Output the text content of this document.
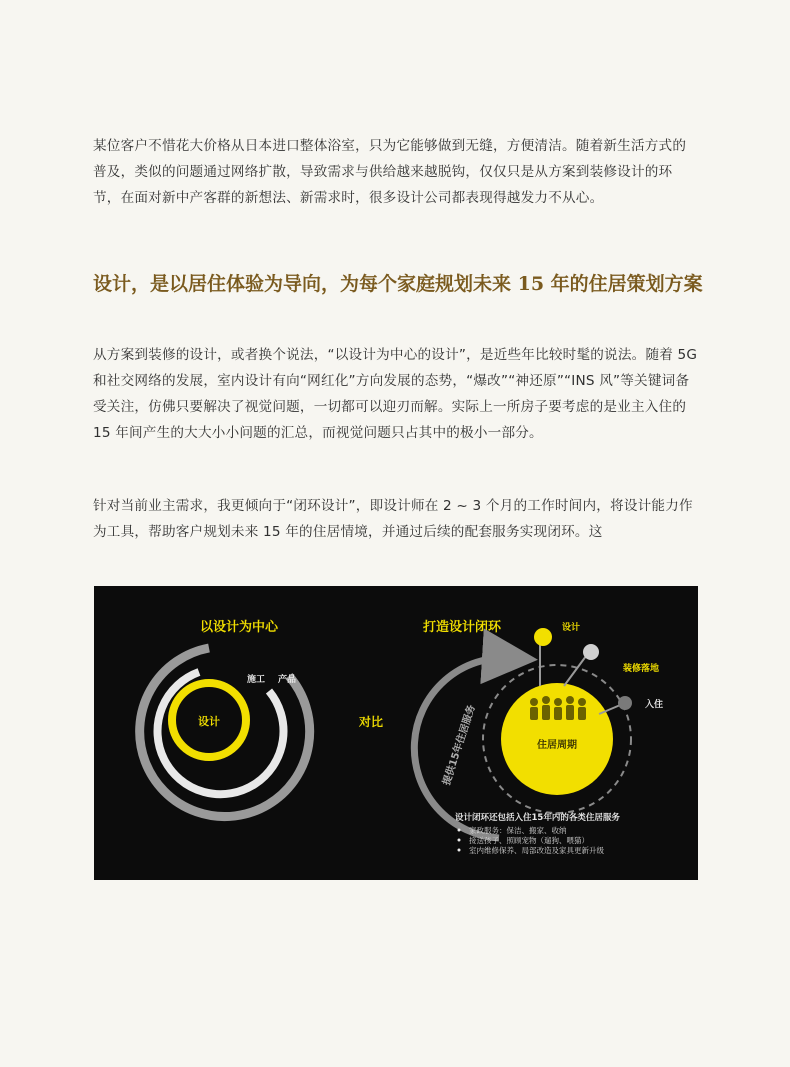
某位客户不惜花大价格从日本进口整体浴室，只为它能够做到无缝，方便清洁。随着新生活方式的普及，类似的问题通过网络扩散，导致需求与供给越来越脱钩，仅仅只是从方案到装修设计的环节，在面对新中产客群的新想法、新需求时，很多设计公司都表现得越发力不从心。

设计，是以居住体验为导向，为每个家庭规划未来 15 年的住居策划方案

从方案到装修的设计，或者换个说法，“以设计为中心的设计”，是近些年比较时髦的说法。随着 5G 和社交网络的发展，室内设计有向“网红化”方向发展的态势，“爆改”“神还原”“INS 风”等关键词备受关注，仿佛只要解决了视觉问题，一切都可以迎刃而解。实际上一所房子要考虑的是业主入住的 15 年间产生的大大小小问题的汇总，而视觉问题只占其中的极小一部分。

针对当前业主需求，我更倾向于“闭环设计”，即设计师在 2 ~ 3 个月的工作时间内，将设计能力作为工具，帮助客户规划未来 15 年的住居情境，并通过后续的配套服务实现闭环。这

以设计为中心
设计
施工 产品
对比
打造设计闭环
住居周期
设计
装修落地
入住
提供15年住居服务
设计闭环还包括入住15年内的各类住居服务
家政服务：保洁、搬家、收纳
接送孩子、照顾宠物（遛狗、喂猫）
室内维修保养、局部改造及家具更新升级
